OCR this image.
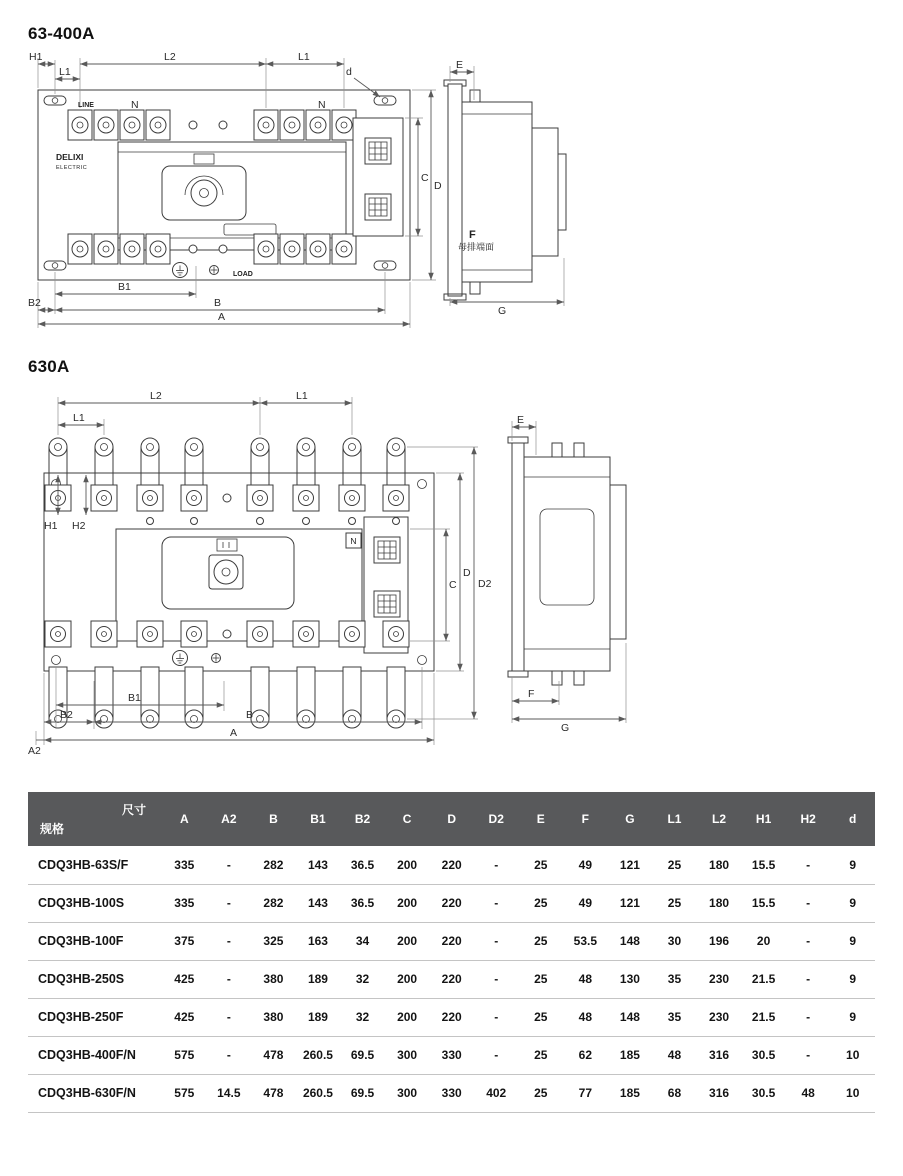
63-400A
H1	L2	L1
L1	d
LINE	N	N
DELIXI
ELECTRIC
C
D
B1
B2	B
A
E
F
母排端面
G
LOAD
630A
L2	L1
L1
H1 H2
N
C
D
D2
B1
B2	B
A
A2
E
F
G
尺寸
规格	A	A2	B	B1	B2	C	D	D2	E	F	G	L1	L2	H1	H2	d
CDQ3HB-63S/F	335	-	282	143	36.5	200	220	-	25	49	121	25	180	15.5	-	9
CDQ3HB-100S	335	-	282	143	36.5	200	220	-	25	49	121	25	180	15.5	-	9
CDQ3HB-100F	375	-	325	163	34	200	220	-	25	53.5	148	30	196	20	-	9
CDQ3HB-250S	425	-	380	189	32	200	220	-	25	48	130	35	230	21.5	-	9
CDQ3HB-250F	425	-	380	189	32	200	220	-	25	48	148	35	230	21.5	-	9
CDQ3HB-400F/N	575	-	478	260.5	69.5	300	330	-	25	62	185	48	316	30.5	-	10
CDQ3HB-630F/N	575	14.5	478	260.5	69.5	300	330	402	25	77	185	68	316	30.5	48	10
